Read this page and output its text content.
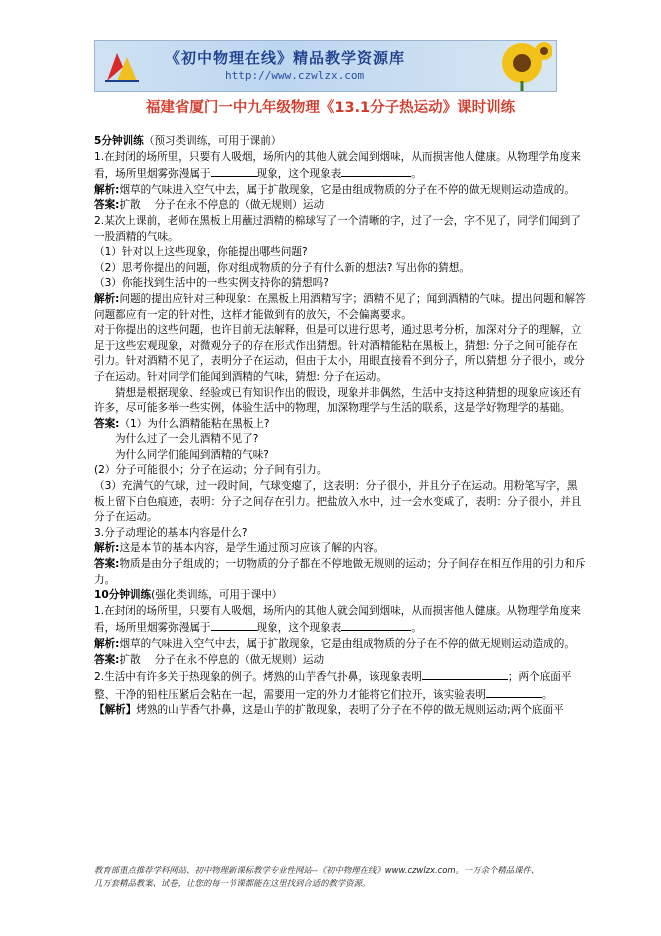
《初中物理在线》精品教学资源库
http://www.czwlzx.com
福建省厦门一中九年级物理《13.1分子热运动》课时训练

5分钟训练（预习类训练，可用于课前）

1.在封闭的场所里，只要有人吸烟，场所内的其他人就会闻到烟味，从而损害他人健康。从物理学角度来看，场所里烟雾弥漫属于	现象，这个现象表	。

解析:烟草的气味进入空气中去，属于扩散现象，它是由组成物质的分子在不停的做无规则运动造成的。

答案:扩散　 分子在永不停息的（做无规则）运动

2.某次上课前，老师在黑板上用蘸过酒精的棉球写了一个清晰的字，过了一会，字不见了，同学们闻到了一股酒精的气味。

（1）针对以上这些现象，你能提出哪些问题?

（2）思考你提出的问题，你对组成物质的分子有什么新的想法? 写出你的猜想。

（3）你能找到生活中的一些实例支持你的猜想吗?

解析:问题的提出应针对三种现象：在黑板上用酒精写字；酒精不见了；闻到酒精的气味。提出问题和解答问题都应有一定的针对性，这样才能做到有的放矢，不会偏离要求。

对于你提出的这些问题，也许目前无法解释，但是可以进行思考，通过思考分析，加深对分子的理解，立足于这些宏观现象，对微观分子的存在形式作出猜想。针对酒精能粘在黑板上，猜想: 分子之间可能存在引力。针对酒精不见了，表明分子在运动，但由于太小，用眼直接看不到分子，所以猜想 分子很小，或分子在运动。针对同学们能闻到酒精的气味，猜想: 分子在运动。

猜想是根据现象、经验或已有知识作出的假设，现象并非偶然，生活中支持这种猜想的现象应该还有许多，尽可能多举一些实例，体验生活中的物理，加深物理学与生活的联系，这是学好物理学的基础。

答案:（1）为什么酒精能粘在黑板上?

为什么过了一会儿酒精不见了?

为什么同学们能闻到酒精的气味?

(2）分子可能很小；分子在运动；分子间有引力。

（3）充满气的气球，过一段时间，气球变瘪了，这表明：分子很小，并且分子在运动。用粉笔写字，黑板上留下白色痕迹，表明：分子之间存在引力。把盐放入水中，过一会水变咸了，表明：分子很小，并且分子在运动。

3.分子动理论的基本内容是什么?

解析:这是本节的基本内容，是学生通过预习应该了解的内容。

答案:物质是由分子组成的；一切物质的分子都在不停地做无规则的运动；分子间存在相互作用的引力和斥力。

10分钟训练(强化类训练，可用于课中）

1.在封闭的场所里，只要有人吸烟，场所内的其他人就会闻到烟味，从而损害他人健康。从物理学角度来看，场所里烟雾弥漫属于	现象，这个现象表	。

解析:烟草的气味进入空气中去，属于扩散现象，它是由组成物质的分子在不停的做无规则运动造成的。

答案:扩散　 分子在永不停息的（做无规则）运动

2.生活中有许多关于热现象的例子。烤熟的山芋香气扑鼻，该现象表明	；两个底面平整、干净的铅柱压紧后会粘在一起，需要用一定的外力才能将它们拉开，该实验表明	。

【解析】烤熟的山芋香气扑鼻，这是山芋的扩散现象，表明了分子在不停的做无规则运动;两个底面平

教育部重点推荐学科网站、初中物理新课标教学专业性网站--《初中物理在线》www.czwlzx.com。一万余个精品课件、
几万套精品教案、试卷，让您的每一节课都能在这里找到合适的教学资源。
